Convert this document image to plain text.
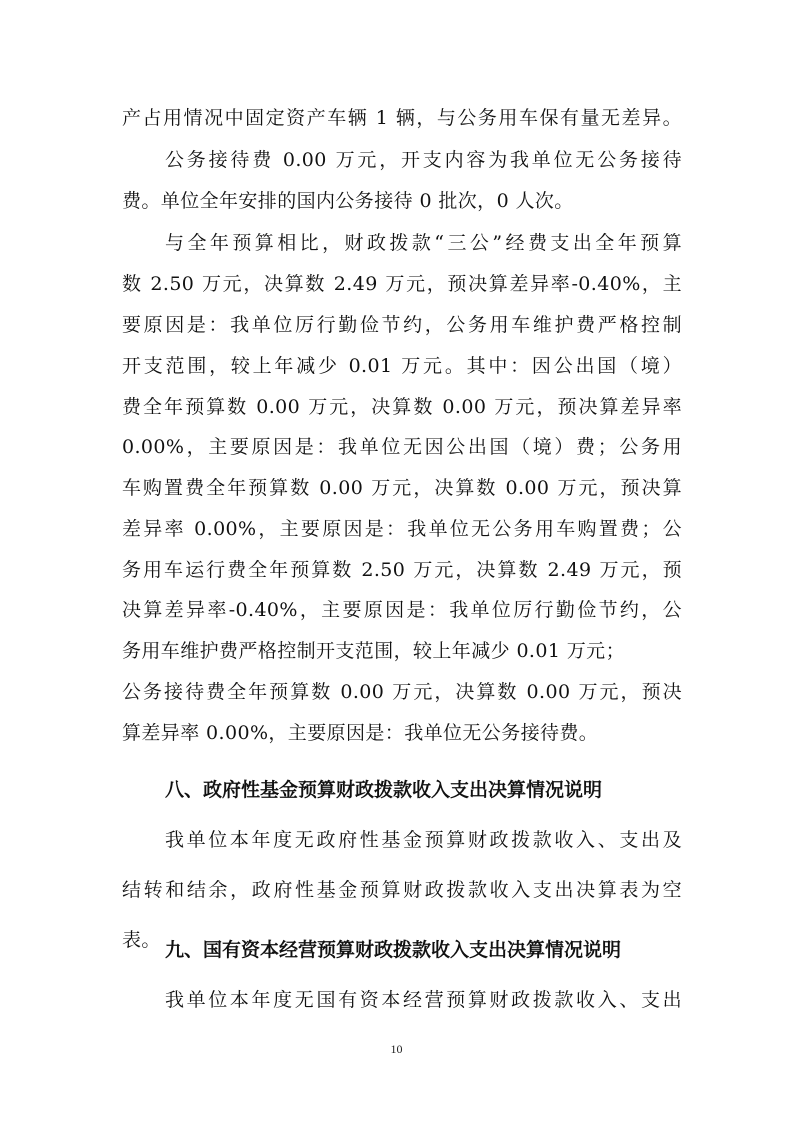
产占用情况中固定资产车辆 1 辆，与公务用车保有量无差异。
公务接待费 0.00 万元，开支内容为我单位无公务接待
费。单位全年安排的国内公务接待 0 批次，0 人次。
与全年预算相比，财政拨款“三公”经费支出全年预算
数 2.50 万元，决算数 2.49 万元，预决算差异率-0.40%，主
要原因是：我单位厉行勤俭节约，公务用车维护费严格控制
开支范围，较上年减少 0.01 万元。其中：因公出国（境）
费全年预算数 0.00 万元，决算数 0.00 万元，预决算差异率
0.00%，主要原因是：我单位无因公出国（境）费；公务用
车购置费全年预算数 0.00 万元，决算数 0.00 万元，预决算
差异率 0.00%，主要原因是：我单位无公务用车购置费；公
务用车运行费全年预算数 2.50 万元，决算数 2.49 万元，预
决算差异率-0.40%，主要原因是：我单位厉行勤俭节约，公
务用车维护费严格控制开支范围，较上年减少 0.01 万元；
公务接待费全年预算数 0.00 万元，决算数 0.00 万元，预决
算差异率 0.00%，主要原因是：我单位无公务接待费。
八、政府性基金预算财政拨款收入支出决算情况说明
我单位本年度无政府性基金预算财政拨款收入、支出及
结转和结余，政府性基金预算财政拨款收入支出决算表为空
表。 九、国有资本经营预算财政拨款收入支出决算情况说明
我单位本年度无国有资本经营预算财政拨款收入、支出
10
